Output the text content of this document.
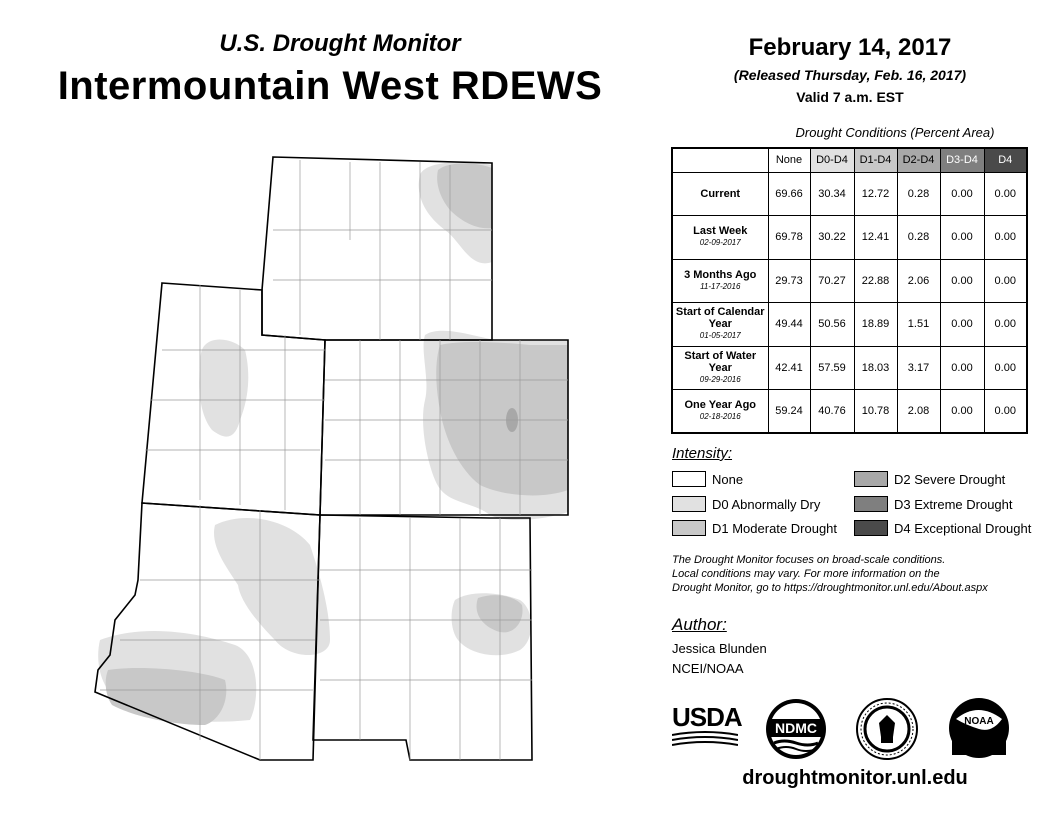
U.S. Drought Monitor
Intermountain West RDEWS
February 14, 2017
(Released Thursday, Feb. 16, 2017)
Valid 7 a.m. EST
Drought Conditions (Percent Area)
	None	D0-D4	D1-D4	D2-D4	D3-D4	D4
Current	69.66	30.34	12.72	0.28	0.00	0.00
Last Week
02-09-2017	69.78	30.22	12.41	0.28	0.00	0.00
3 Months Ago
11-17-2016	29.73	70.27	22.88	2.06	0.00	0.00
Start of Calendar Year
01-05-2017	49.44	50.56	18.89	1.51	0.00	0.00
Start of Water Year
09-29-2016	42.41	57.59	18.03	3.17	0.00	0.00
One Year Ago
02-18-2016	59.24	40.76	10.78	2.08	0.00	0.00
Intensity:
None
D0 Abnormally Dry
D1 Moderate Drought
D2 Severe Drought
D3 Extreme Drought
D4 Exceptional Drought
The Drought Monitor focuses on broad-scale conditions.
Local conditions may vary. For more information on the
Drought Monitor, go to https://droughtmonitor.unl.edu/About.aspx
Author:
Jessica Blunden
NCEI/NOAA
USDA NDMC	NOAA
droughtmonitor.unl.edu
